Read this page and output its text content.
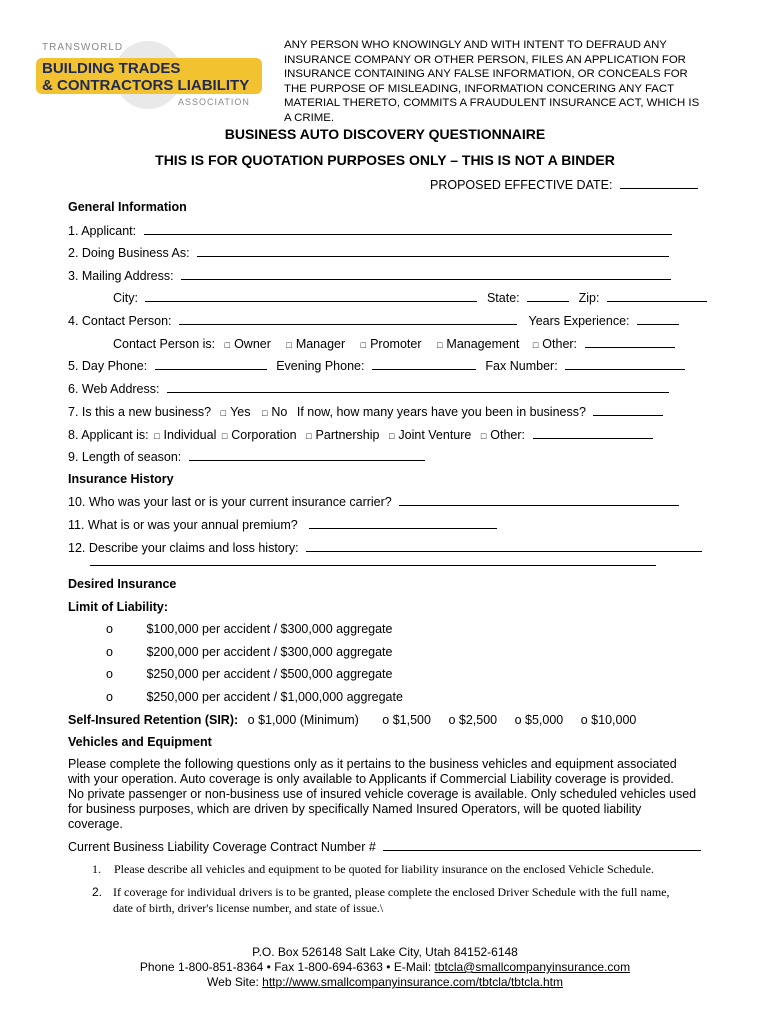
TRANSWORLD
BUILDING TRADES
& CONTRACTORS LIABILITY
ASSOCIATION
ANY PERSON WHO KNOWINGLY AND WITH INTENT TO DEFRAUD ANY INSURANCE COMPANY OR OTHER PERSON, FILES AN APPLICATION FOR INSURANCE CONTAINING ANY FALSE INFORMATION, OR CONCEALS FOR THE PURPOSE OF MISLEADING, INFORMATION CONCERING ANY FACT MATERIAL THERETO, COMMITS A FRAUDULENT INSURANCE ACT, WHICH IS A CRIME.
BUSINESS AUTO DISCOVERY QUESTIONNAIRE
THIS IS FOR QUOTATION PURPOSES ONLY – THIS IS NOT A BINDER
PROPOSED EFFECTIVE DATE:
General Information
1. Applicant:
2. Doing Business As:
3. Mailing Address:
City:	State:	Zip:
4. Contact Person:	Years Experience:
Contact Person is: □ Owner □ Manager □ Promoter □ Management □ Other:
5. Day Phone:	Evening Phone:	Fax Number:
6. Web Address:
7. Is this a new business? □ Yes □ No If now, how many years have you been in business?
8. Applicant is: □ Individual □ Corporation □ Partnership □ Joint Venture □ Other:
9. Length of season:
Insurance History
10. Who was your last or is your current insurance carrier?
11. What is or was your annual premium?
12. Describe your claims and loss history:
Desired Insurance
Limit of Liability:
o	$100,000 per accident / $300,000 aggregate
o	$200,000 per accident / $300,000 aggregate
o	$250,000 per accident / $500,000 aggregate
o	$250,000 per accident / $1,000,000 aggregate
Self-Insured Retention (SIR): o $1,000 (Minimum) o $1,500 o $2,500 o $5,000 o $10,000
Vehicles and Equipment
Please complete the following questions only as it pertains to the business vehicles and equipment associated
with your operation. Auto coverage is only available to Applicants if Commercial Liability coverage is provided.
No private passenger or non-business use of insured vehicle coverage is available. Only scheduled vehicles used
for business purposes, which are driven by specifically Named Insured Operators, will be quoted liability
coverage.
Current Business Liability Coverage Contract Number #
1. Please describe all vehicles and equipment to be quoted for liability insurance on the enclosed Vehicle Schedule.
2. If coverage for individual drivers is to be granted, please complete the enclosed Driver Schedule with the full name,
date of birth, driver's license number, and state of issue.\
P.O. Box 526148 Salt Lake City, Utah 84152-6148
Phone 1-800-851-8364 • Fax 1-800-694-6363 • E-Mail: tbtcla@smallcompanyinsurance.com
Web Site: http://www.smallcompanyinsurance.com/tbtcla/tbtcla.htm
